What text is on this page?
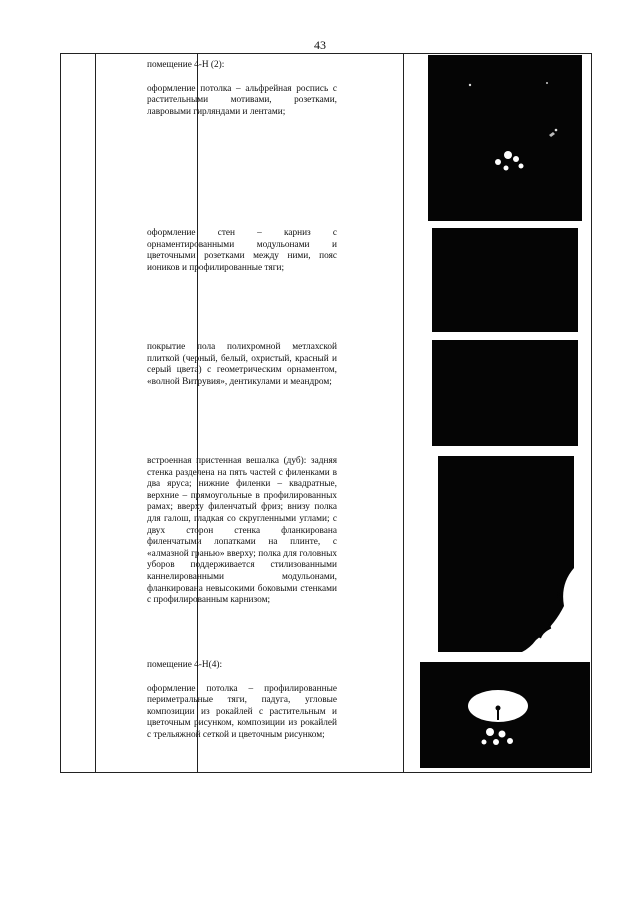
43

помещение 4-Н (2):

оформление потолка – альфрейная роспись с растительными мотивами, розетками, лавровыми гирляндами и лентами;

оформление стен – карниз с орнаментированными модульонами и цветочными розетками между ними, пояс иоников и профилированные тяги;

покрытие пола полихромной метлахской плиткой (черный, белый, охристый, красный и серый цвета) с геометрическим орнаментом, «волной Витрувия», дентикулами и меандром;

встроенная пристенная вешалка (дуб): задняя стенка разделена на пять частей с филенками в два яруса; нижние филенки – квадратные, верхние – прямоугольные в профилированных рамах; вверху филенчатый фриз; внизу полка для галош, гладкая со скругленными углами; с двух сторон стенка фланкирована филенчатыми лопатками на плинте, с «алмазной гранью» вверху; полка для головных уборов поддерживается стилизованными каннелированными модульонами, фланкирована невысокими боковыми стенками с профилированным карнизом;

помещение 4-Н(4):

оформление потолка – профилированные периметральные тяги, падуга, угловые композиции из рокайлей с растительным и цветочным рисунком, композиции из рокайлей с трельяжной сеткой и цветочным рисунком;
